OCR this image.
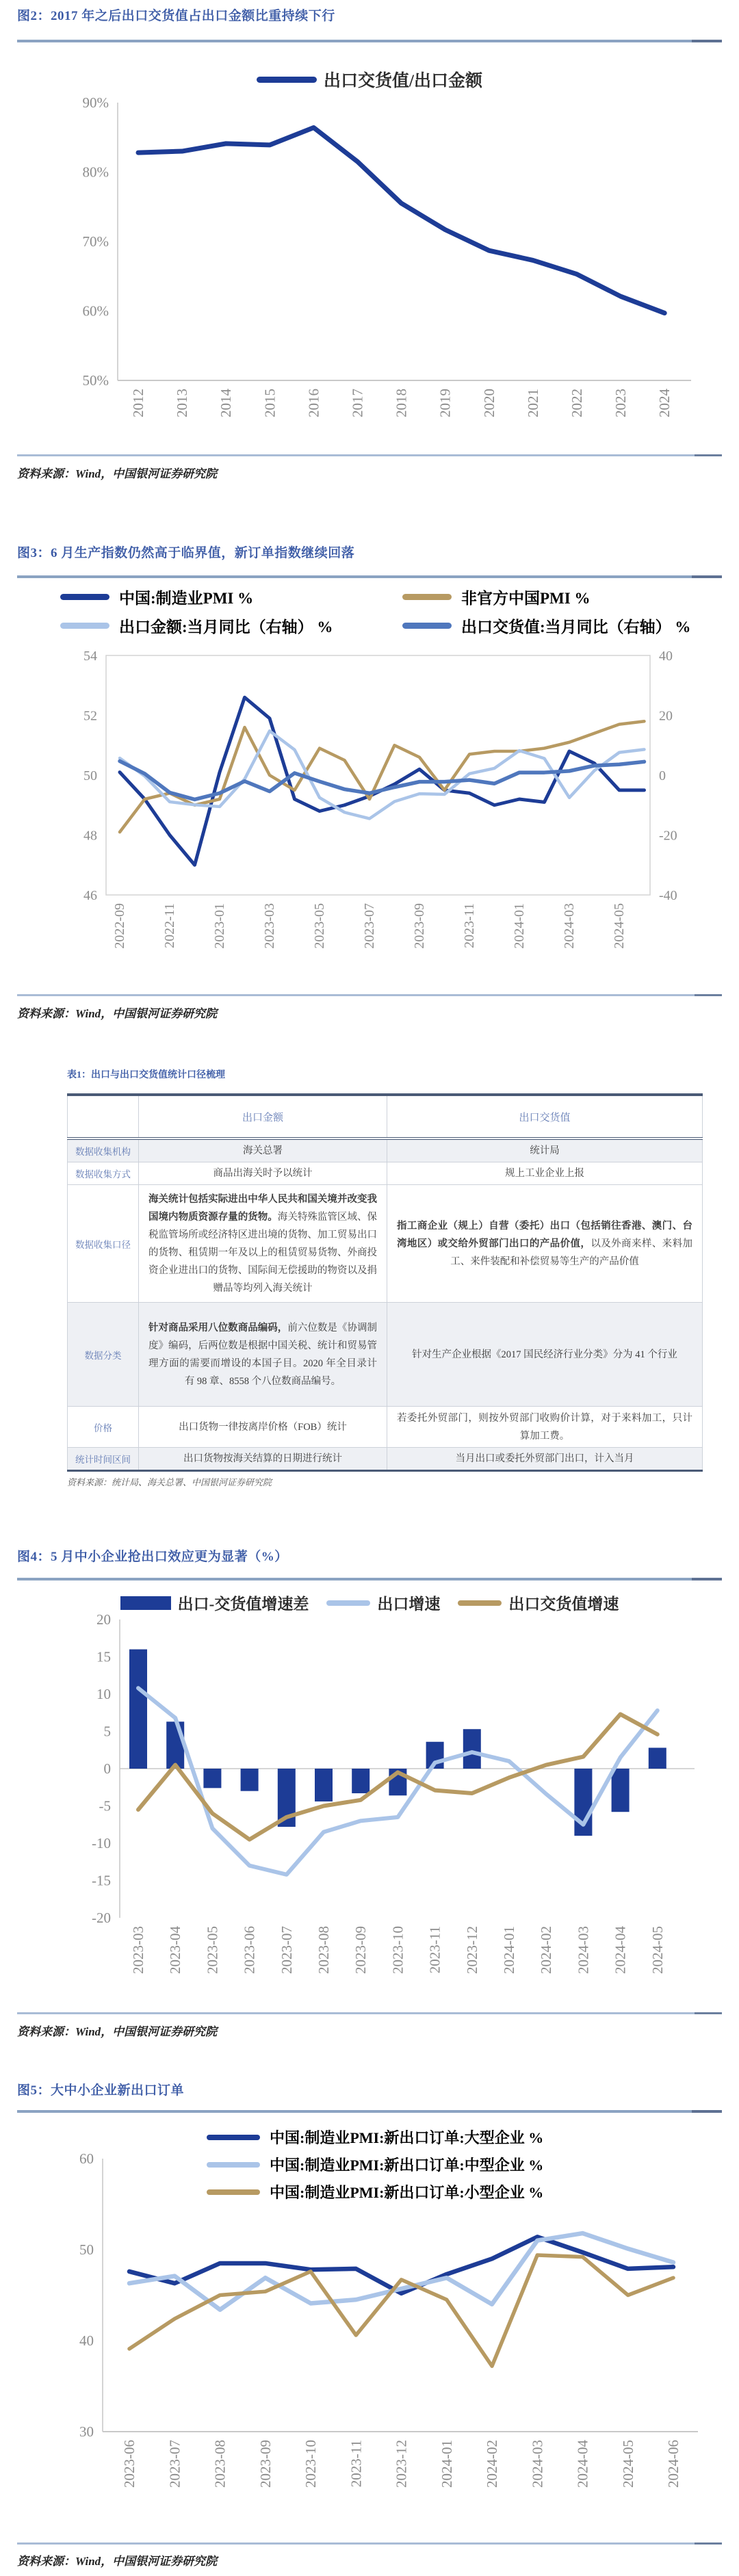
图2：2017 年之后出口交货值占出口金额比重持续下行
出口交货值/出口金额
90%
80%
70%
60%
50%
2012 2013 2014 2015 2016 2017 2018 2019 2020 2021 2022 2023 2024
资料来源：Wind，中国银河证券研究院
图3：6 月生产指数仍然高于临界值，新订单指数继续回落
中国:制造业PMI %	非官方中国PMI %
出口金额:当月同比（右轴） %	出口交货值:当月同比（右轴） %
54
52
50
48
46
40
20
0
-20
-40
2022-09	2022-11	2023-01	2023-03	2023-05	2023-07	2023-09	2023-11	2024-01	2024-03	2024-05
资料来源：Wind，中国银河证券研究院
表1：出口与出口交货值统计口径梳理
	出口金额	出口交货值
数据收集机构	海关总署	统计局
数据收集方式	商品出海关时予以统计	规上工业企业上报
数据收集口径	海关统计包括实际进出中华人民共和国关境并改变我国境内物质资源存量的货物。海关特殊监管区域、保税监管场所或经济特区进出境的货物、加工贸易出口的货物、租赁期一年及以上的租赁贸易货物、外商投资企业进出口的货物、国际间无偿援助的物资以及捐赠品等均列入海关统计	指工商企业（规上）自营（委托）出口（包括销往香港、澳门、台湾地区）或交给外贸部门出口的产品价值，以及外商来样、来料加工、来件装配和补偿贸易等生产的产品价值
数据分类	针对商品采用八位数商品编码，前六位数是《协调制度》编码，后两位数是根据中国关税、统计和贸易管理方面的需要而增设的本国子目。2020 年全目录计有 98 章、8558 个八位数商品编号。	针对生产企业根据《2017 国民经济行业分类》分为 41 个行业
价格	出口货物一律按离岸价格（FOB）统计	若委托外贸部门，则按外贸部门收购价计算，对于来料加工，只计算加工费。
统计时间区间	出口货物按海关结算的日期进行统计	当月出口或委托外贸部门出口，计入当月
资料来源：统计局、海关总署、中国银河证券研究院
图4：5 月中小企业抢出口效应更为显著（%）
出口-交货值增速差	出口增速	出口交货值增速
20
15
10
5
0
-5
-10
-15
-20
2023-03 2023-04 2023-05 2023-06 2023-07 2023-08 2023-09 2023-10 2023-11 2023-12 2024-01 2024-02 2024-03 2024-04 2024-05
资料来源：Wind，中国银河证券研究院
图5：大中小企业新出口订单
中国:制造业PMI:新出口订单:大型企业 %
中国:制造业PMI:新出口订单:中型企业 %
中国:制造业PMI:新出口订单:小型企业 %
60
50
40
30
2023-06 2023-07 2023-08 2023-09 2023-10 2023-11 2023-12 2024-01 2024-02 2024-03 2024-04 2024-05 2024-06
资料来源：Wind，中国银河证券研究院
